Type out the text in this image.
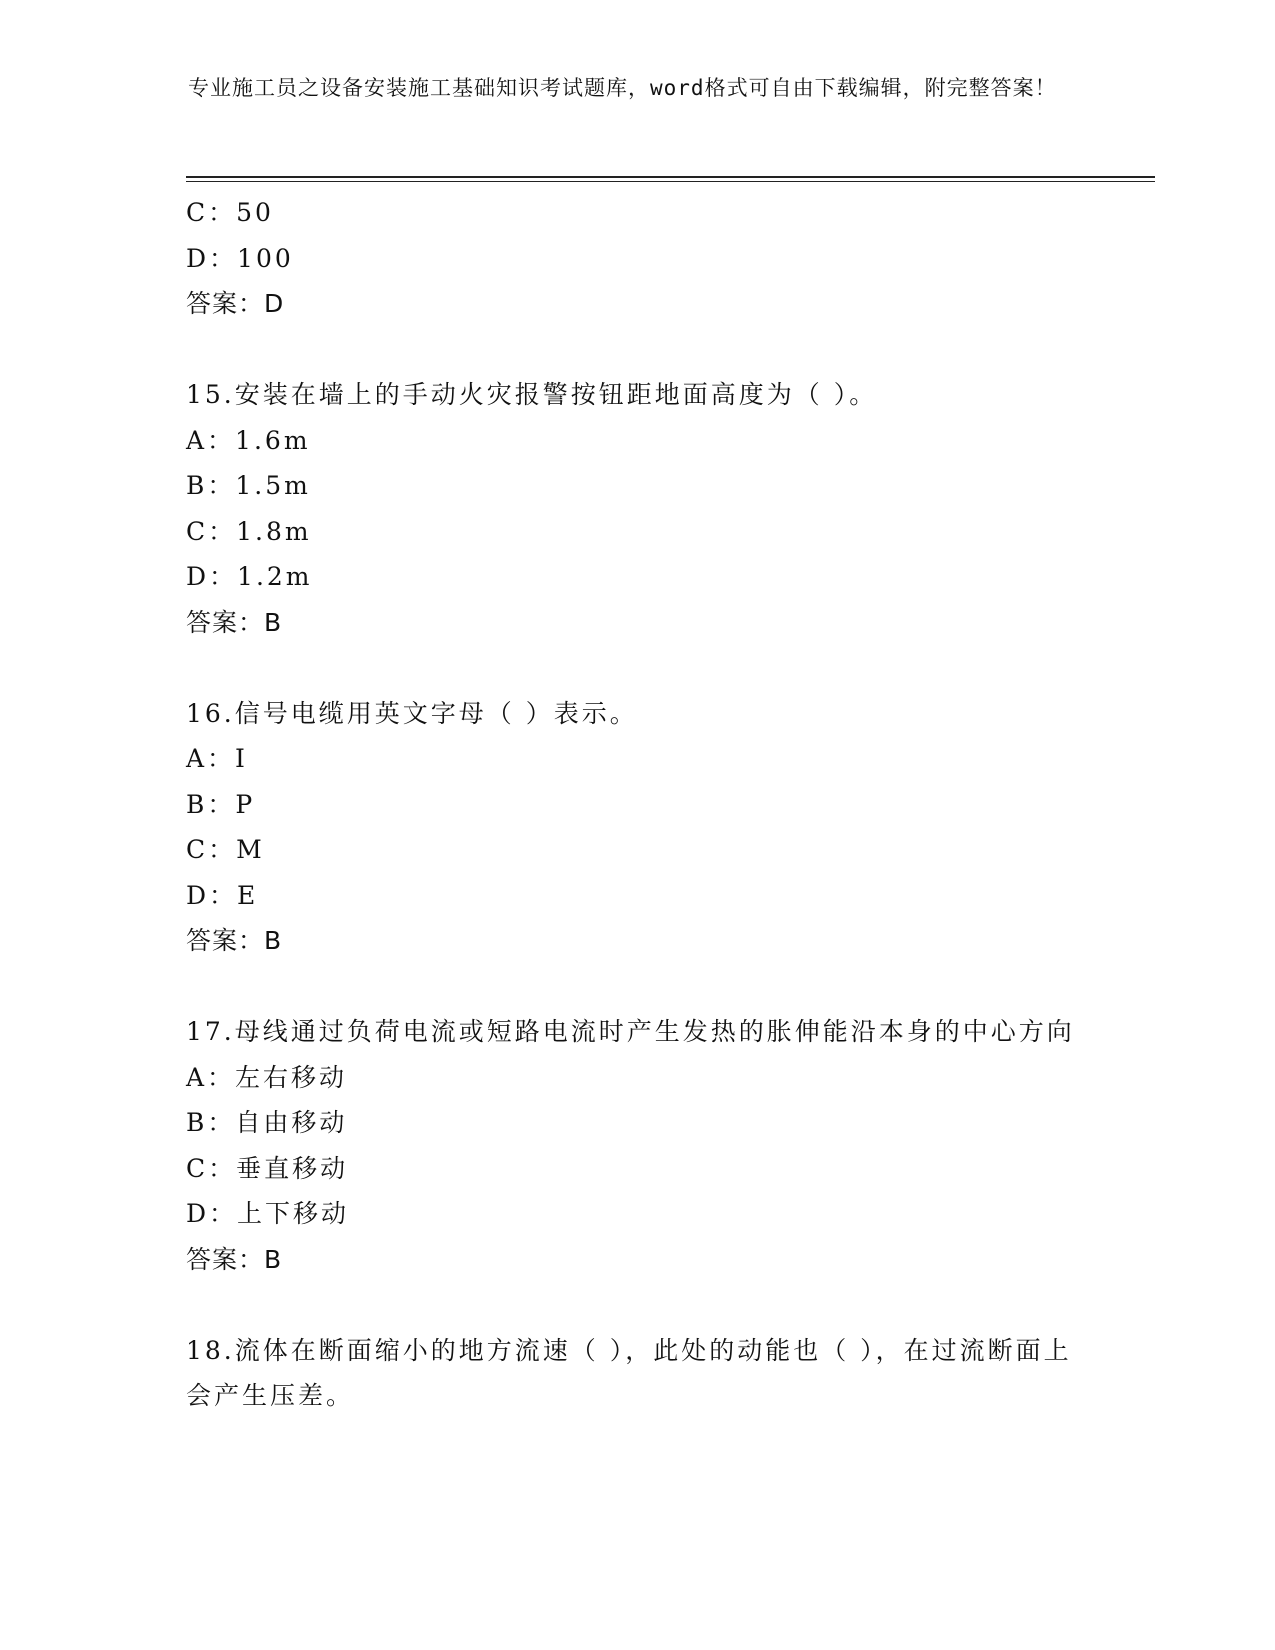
专业施工员之设备安装施工基础知识考试题库，word格式可自由下载编辑，附完整答案！
C：50
D：100
答案：D
15.安装在墙上的手动火灾报警按钮距地面高度为（ ）。
A：1.6m
B：1.5m
C：1.8m
D：1.2m
答案：B
16.信号电缆用英文字母（ ）表示。
A：I
B：P
C：M
D：E
答案：B
17.母线通过负荷电流或短路电流时产生发热的胀伸能沿本身的中心方向
A：左右移动
B：自由移动
C：垂直移动
D：上下移动
答案：B
18.流体在断面缩小的地方流速（ ），此处的动能也（ ），在过流断面上会产生压差。
